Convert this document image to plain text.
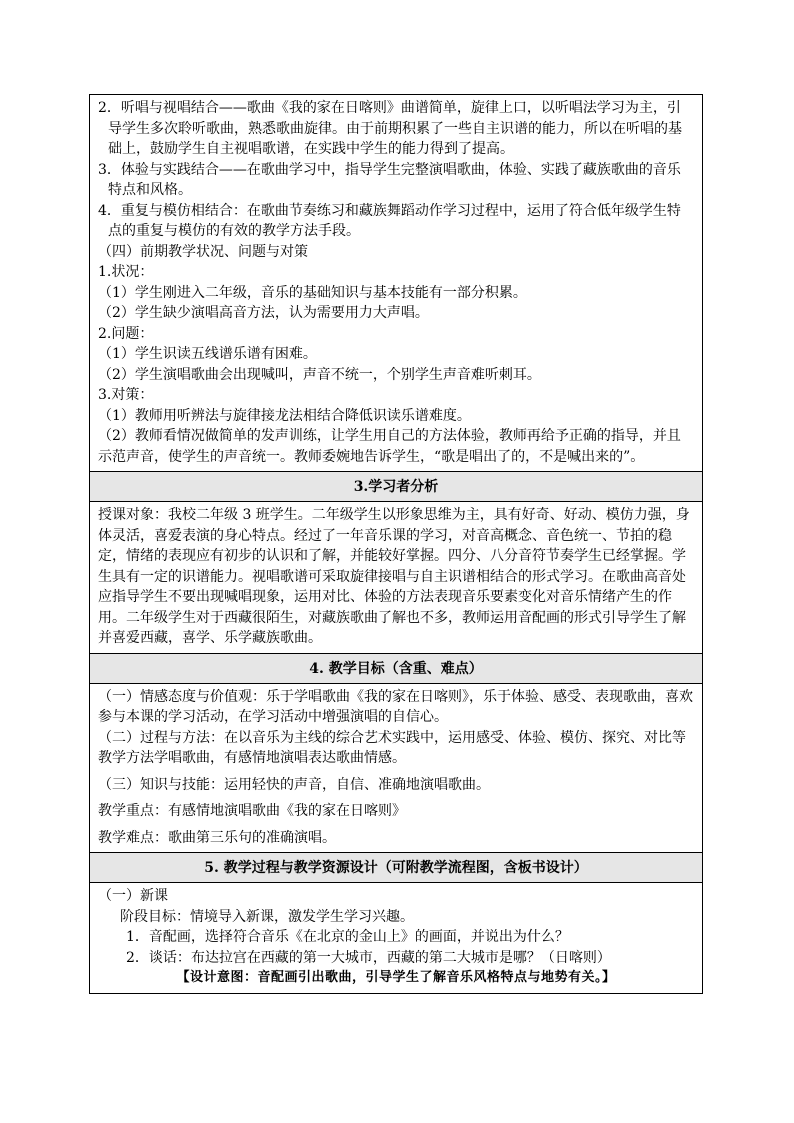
2．听唱与视唱结合——歌曲《我的家在日喀则》曲谱简单，旋律上口，以听唱法学习为主，引导学生多次聆听歌曲，熟悉歌曲旋律。由于前期积累了一些自主识谱的能力，所以在听唱的基础上，鼓励学生自主视唱歌谱，在实践中学生的能力得到了提高。

3．体验与实践结合——在歌曲学习中，指导学生完整演唱歌曲，体验、实践了藏族歌曲的音乐特点和风格。

4．重复与模仿相结合：在歌曲节奏练习和藏族舞蹈动作学习过程中，运用了符合低年级学生特点的重复与模仿的有效的教学方法手段。

（四）前期教学状况、问题与对策

1.状况：

（1）学生刚进入二年级，音乐的基础知识与基本技能有一部分积累。

（2）学生缺少演唱高音方法，认为需要用力大声唱。

2.问题：

（1）学生识读五线谱乐谱有困难。

（2）学生演唱歌曲会出现喊叫，声音不统一，个别学生声音难听刺耳。

3.对策：

（1）教师用听辨法与旋律接龙法相结合降低识读乐谱难度。

（2）教师看情况做简单的发声训练，让学生用自己的方法体验，教师再给予正确的指导，并且示范声音，使学生的声音统一。教师委婉地告诉学生，“歌是唱出了的，不是喊出来的”。

3.学习者分析

授课对象：我校二年级 3 班学生。二年级学生以形象思维为主，具有好奇、好动、模仿力强，身体灵活，喜爱表演的身心特点。经过了一年音乐课的学习，对音高概念、音色统一、节拍的稳定，情绪的表现应有初步的认识和了解，并能较好掌握。四分、八分音符节奏学生已经掌握。学生具有一定的识谱能力。视唱歌谱可采取旋律接唱与自主识谱相结合的形式学习。在歌曲高音处应指导学生不要出现喊唱现象，运用对比、体验的方法表现音乐要素变化对音乐情绪产生的作用。二年级学生对于西藏很陌生，对藏族歌曲了解也不多，教师运用音配画的形式引导学生了解并喜爱西藏，喜学、乐学藏族歌曲。

4. 教学目标（含重、难点）

（一）情感态度与价值观：乐于学唱歌曲《我的家在日喀则》，乐于体验、感受、表现歌曲，喜欢参与本课的学习活动，在学习活动中增强演唱的自信心。

（二）过程与方法：在以音乐为主线的综合艺术实践中，运用感受、体验、模仿、探究、对比等教学方法学唱歌曲，有感情地演唱表达歌曲情感。

（三）知识与技能：运用轻快的声音，自信、准确地演唱歌曲。

教学重点：有感情地演唱歌曲《我的家在日喀则》

教学难点：歌曲第三乐句的准确演唱。

5. 教学过程与教学资源设计（可附教学流程图，含板书设计）

（一）新课

阶段目标：情境导入新课，激发学生学习兴趣。

1．音配画，选择符合音乐《在北京的金山上》的画面，并说出为什么？

2．谈话：布达拉宫在西藏的第一大城市，西藏的第二大城市是哪？（日喀则）

【设计意图：音配画引出歌曲，引导学生了解音乐风格特点与地势有关。】
